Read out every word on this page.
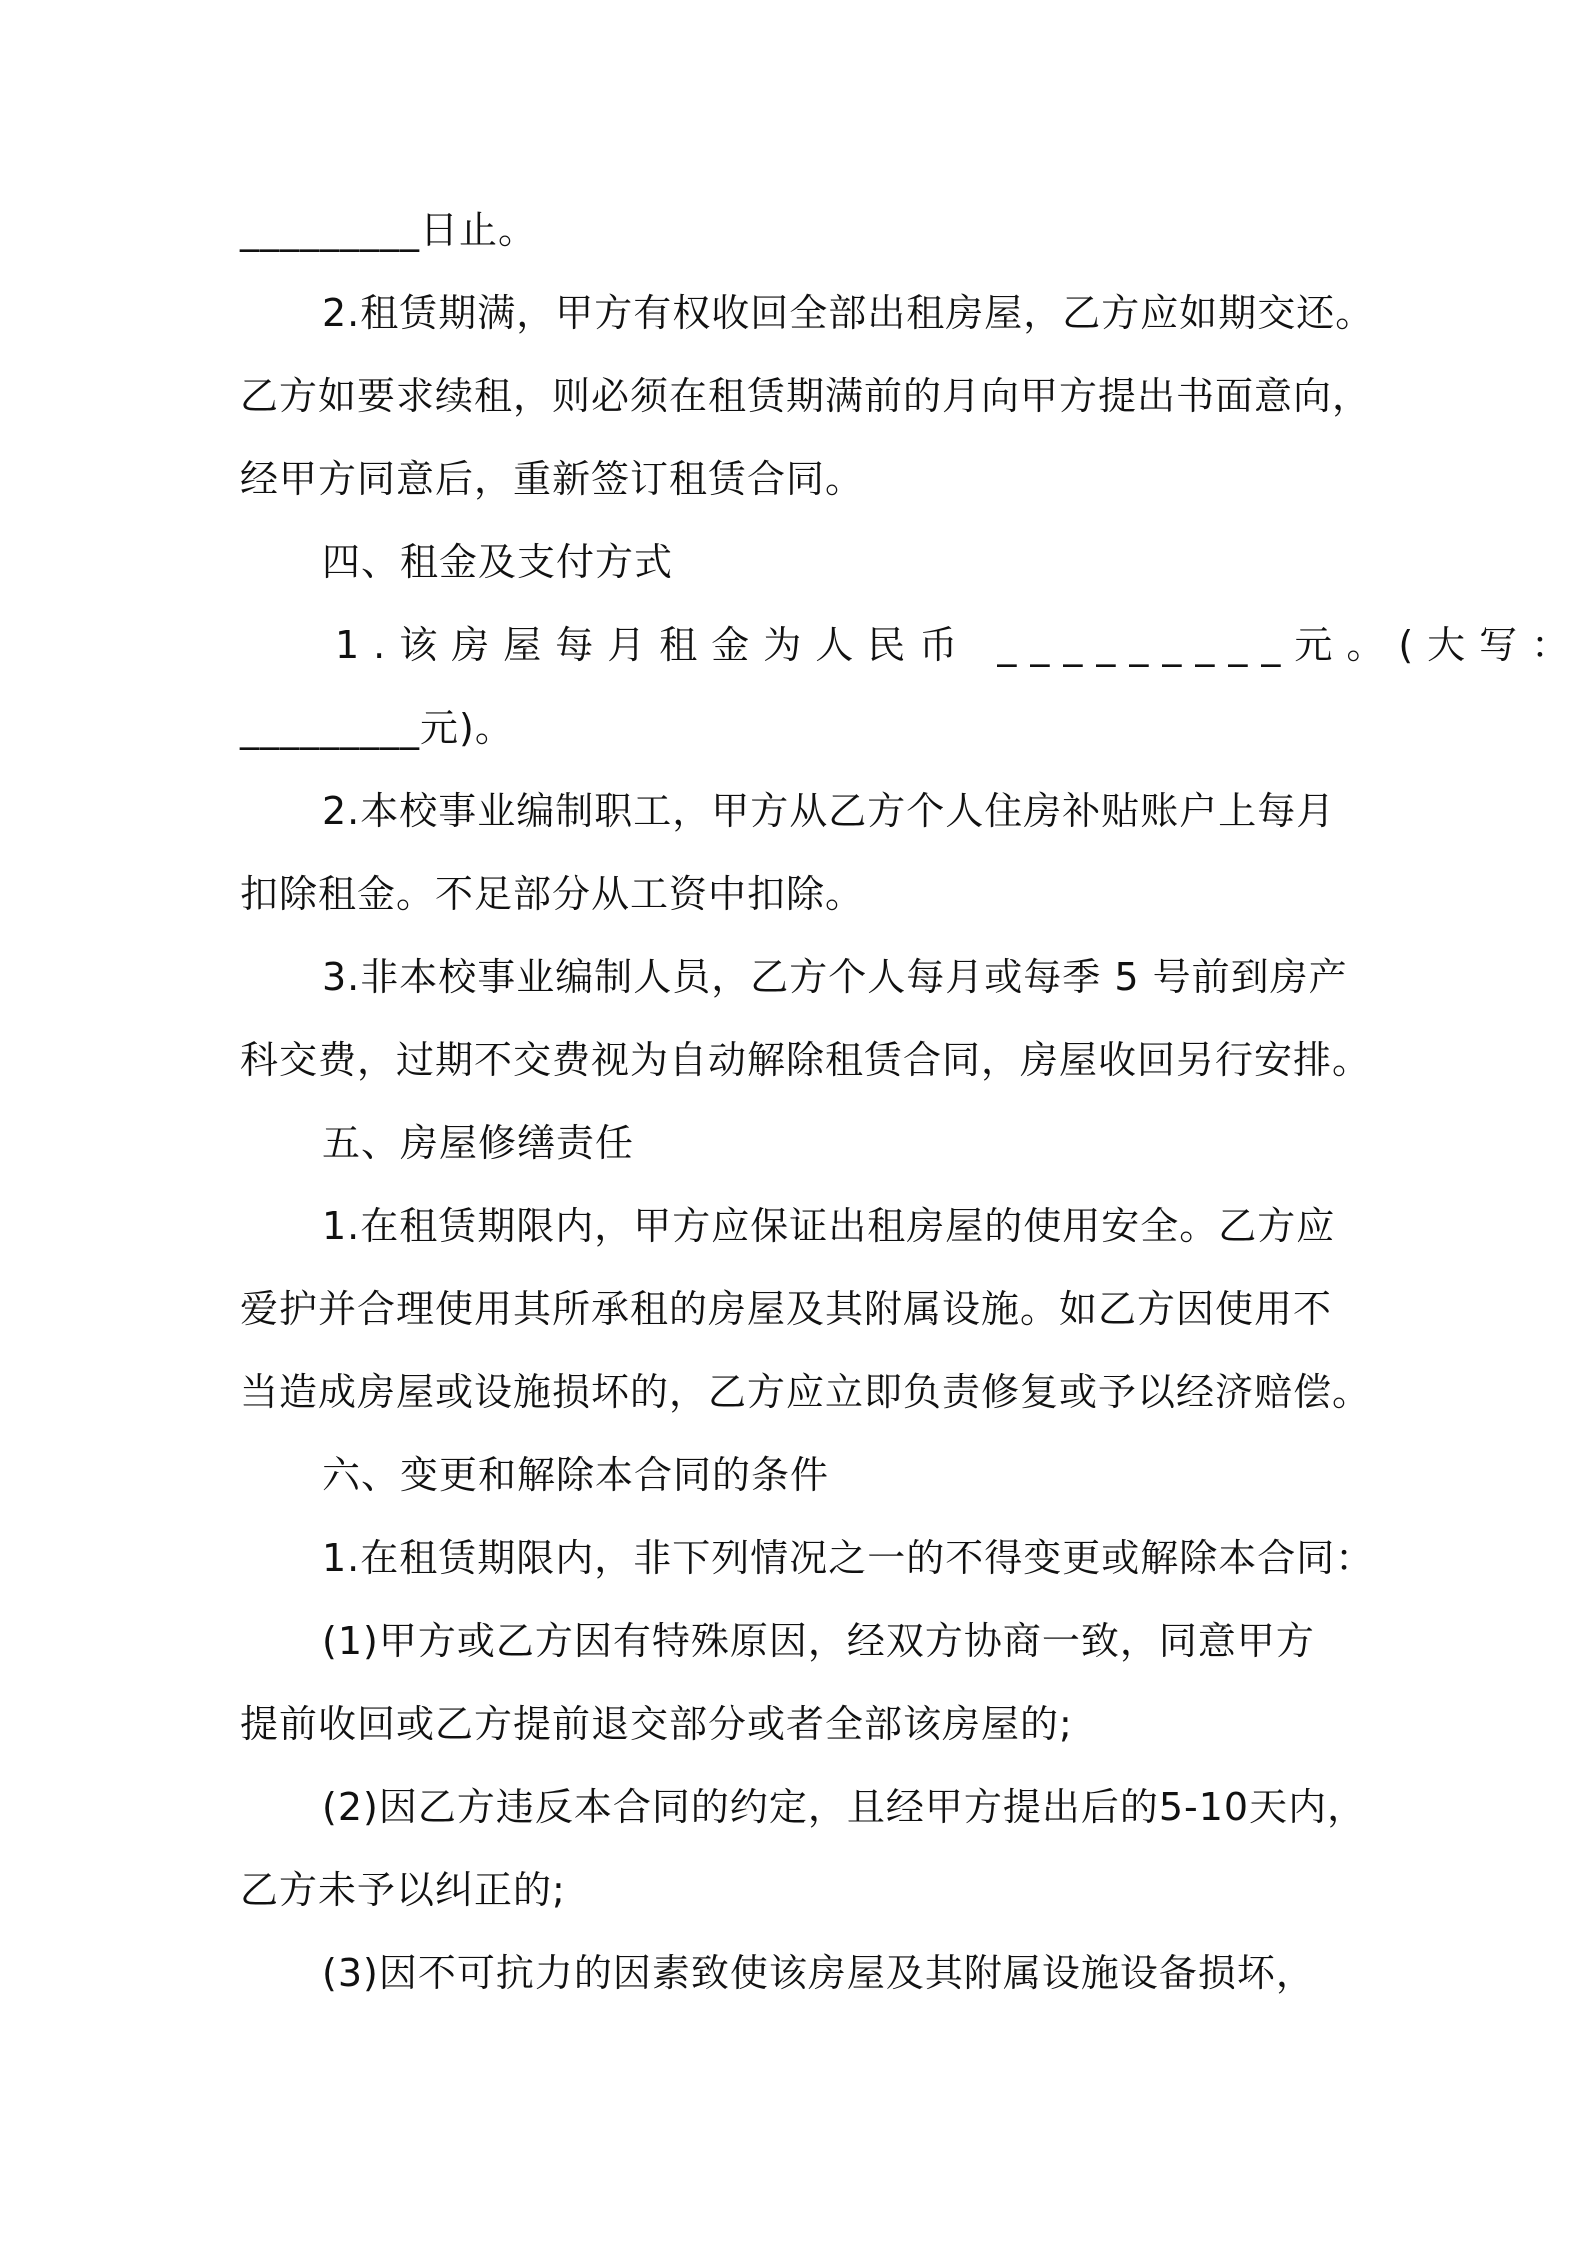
_________日止。
2.租赁期满，甲方有权收回全部出租房屋，乙方应如期交还。
乙方如要求续租，则必须在租赁期满前的月向甲方提出书面意向，
经甲方同意后，重新签订租赁合同。
四、租金及支付方式
1.该房屋每月租金为人民币 _________元。(大写：
_________元)。
2.本校事业编制职工，甲方从乙方个人住房补贴账户上每月
扣除租金。不足部分从工资中扣除。
3.非本校事业编制人员，乙方个人每月或每季 5 号前到房产
科交费，过期不交费视为自动解除租赁合同，房屋收回另行安排。
五、房屋修缮责任
1.在租赁期限内，甲方应保证出租房屋的使用安全。乙方应
爱护并合理使用其所承租的房屋及其附属设施。如乙方因使用不
当造成房屋或设施损坏的，乙方应立即负责修复或予以经济赔偿。
六、变更和解除本合同的条件
1.在租赁期限内，非下列情况之一的不得变更或解除本合同：
(1)甲方或乙方因有特殊原因，经双方协商一致，同意甲方
提前收回或乙方提前退交部分或者全部该房屋的;
(2)因乙方违反本合同的约定，且经甲方提出后的5-10天内，
乙方未予以纠正的;
(3)因不可抗力的因素致使该房屋及其附属设施设备损坏，
